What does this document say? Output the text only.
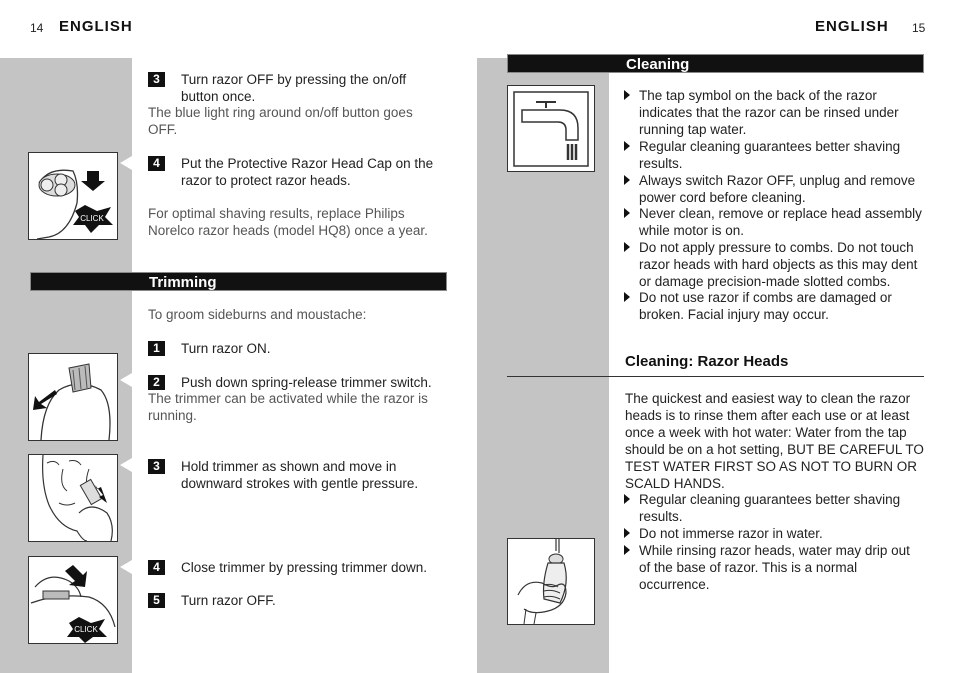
14 ENGLISH	ENGLISH 15
3	Turn razor OFF by pressing the on/off button once.
The blue light ring around on/off button goes OFF.
CLICK
4	Put the Protective Razor Head Cap on the razor to protect razor heads.
For optimal shaving results, replace Philips Norelco razor heads (model HQ8) once a year.
Trimming
To groom sideburns and moustache:
1	Turn razor ON.
2	Push down spring-release trimmer switch.
The trimmer can be activated while the razor is running.
3	Hold trimmer as shown and move in downward strokes with gentle pressure.
CLICK
4	Close trimmer by pressing trimmer down.
5	Turn razor OFF.
Cleaning
The tap symbol on the back of the razor indicates that the razor can be rinsed under running tap water.
Regular cleaning guarantees better shaving results.
Always switch Razor OFF, unplug and remove power cord before cleaning.
Never clean, remove or replace head assembly while motor is on.
Do not apply pressure to combs. Do not touch razor heads with hard objects as this may dent or damage precision-made slotted combs.
Do not use razor if combs are damaged or broken. Facial injury may occur.
Cleaning: Razor Heads
The quickest and easiest way to clean the razor heads is to rinse them after each use or at least once a week with hot water: Water from the tap should be on a hot setting, BUT BE CAREFUL TO TEST WATER FIRST SO AS NOT TO BURN OR SCALD HANDS.
Regular cleaning guarantees better shaving results.
Do not immerse razor in water.
While rinsing razor heads, water may drip out of the base of razor. This is a normal occurrence.
